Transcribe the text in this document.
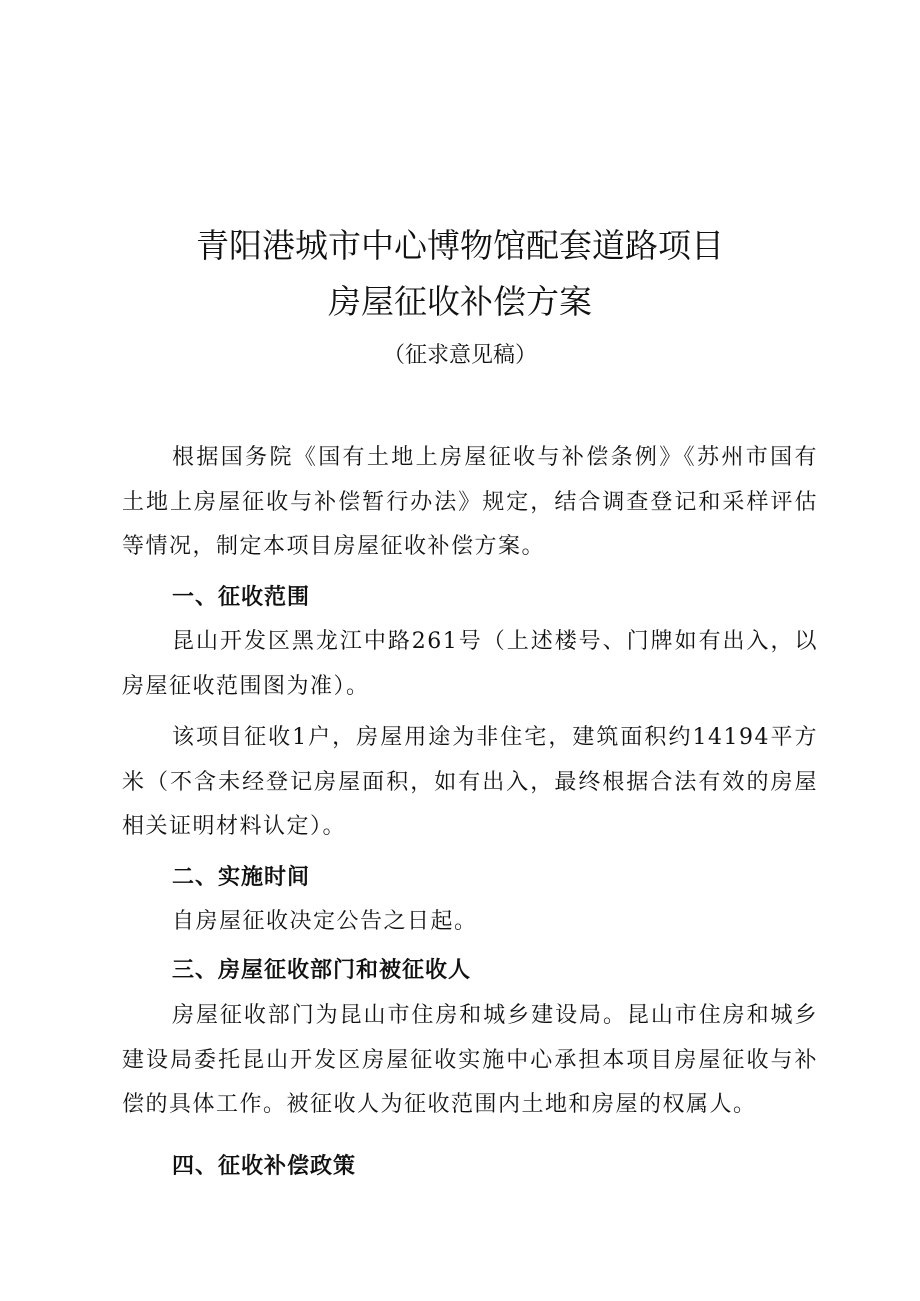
青阳港城市中心博物馆配套道路项目
房屋征收补偿方案

（征求意见稿）

根据国务院《国有土地上房屋征收与补偿条例》《苏州市国有土地上房屋征收与补偿暂行办法》规定，结合调查登记和采样评估等情况，制定本项目房屋征收补偿方案。

一、征收范围

昆山开发区黑龙江中路261号（上述楼号、门牌如有出入，以房屋征收范围图为准）。

该项目征收1户，房屋用途为非住宅，建筑面积约14194平方米（不含未经登记房屋面积，如有出入，最终根据合法有效的房屋相关证明材料认定）。

二、实施时间

自房屋征收决定公告之日起。

三、房屋征收部门和被征收人

房屋征收部门为昆山市住房和城乡建设局。昆山市住房和城乡建设局委托昆山开发区房屋征收实施中心承担本项目房屋征收与补偿的具体工作。被征收人为征收范围内土地和房屋的权属人。

四、征收补偿政策
